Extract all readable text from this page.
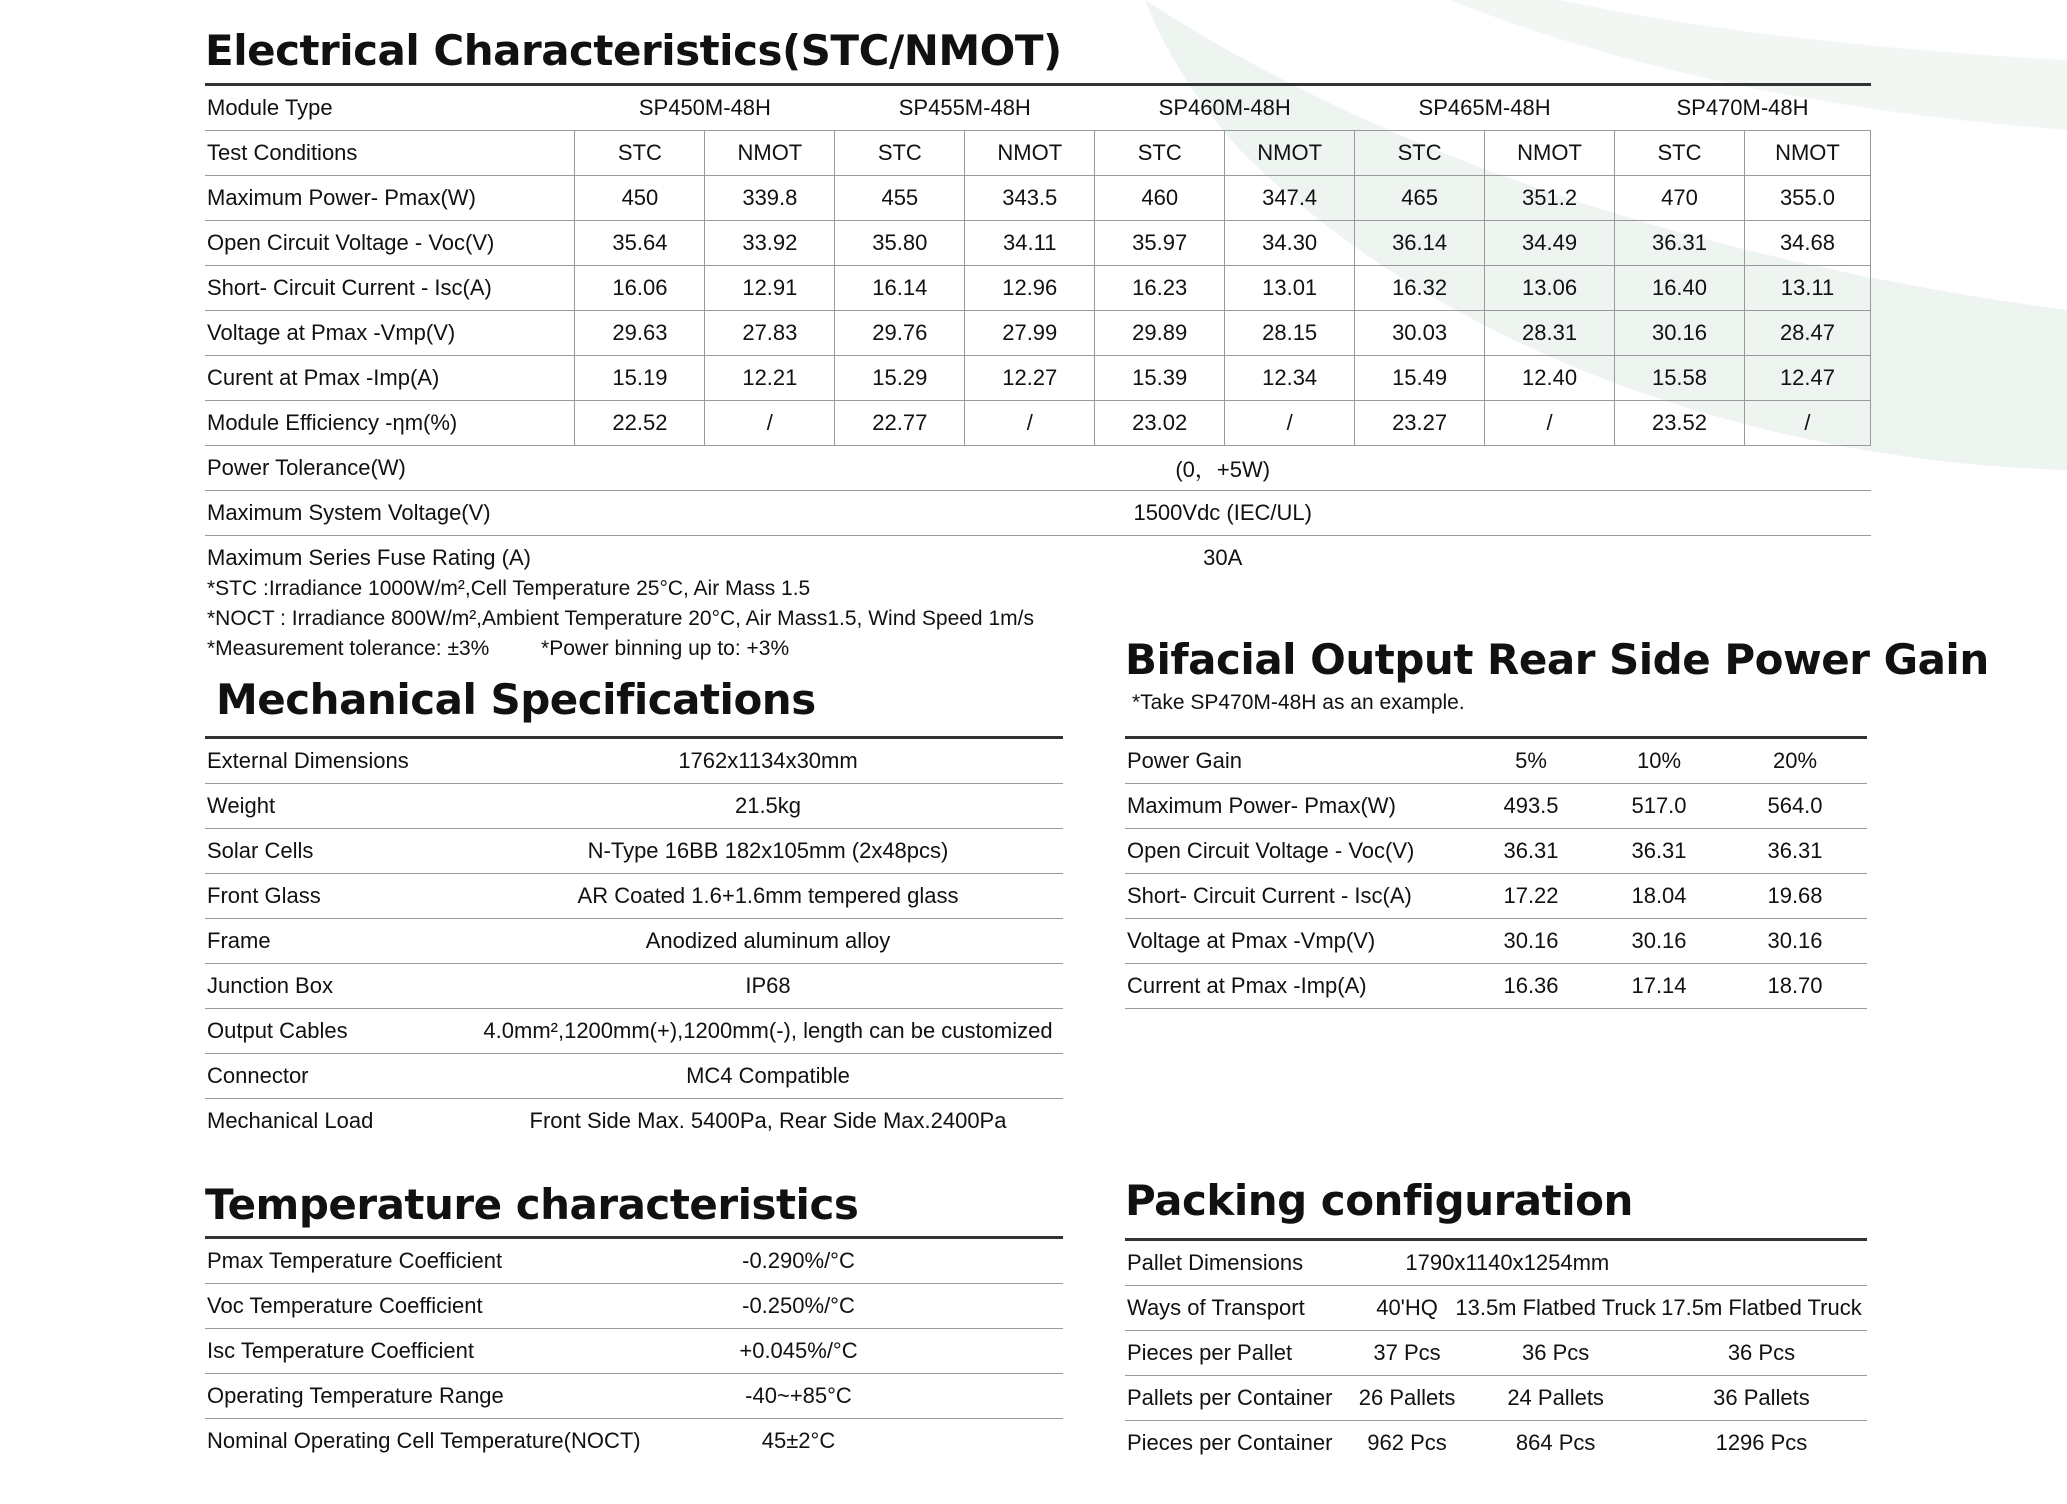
Electrical Characteristics(STC/NMOT)
Module Type	SP450M-48H		SP455M-48H		SP460M-48H		SP465M-48H		SP470M-48H	
Test Conditions	STC	NMOT	STC	NMOT	STC	NMOT	STC	NMOT	STC	NMOT
Maximum Power- Pmax(W)	450	339.8	455	343.5	460	347.4	465	351.2	470	355.0
Open Circuit Voltage - Voc(V)	35.64	33.92	35.80	34.11	35.97	34.30	36.14	34.49	36.31	34.68
Short- Circuit Current - Isc(A)	16.06	12.91	16.14	12.96	16.23	13.01	16.32	13.06	16.40	13.11
Voltage at Pmax -Vmp(V)	29.63	27.83	29.76	27.99	29.89	28.15	30.03	28.31	30.16	28.47
Curent at Pmax -Imp(A)	15.19	12.21	15.29	12.27	15.39	12.34	15.49	12.40	15.58	12.47
Module Efficiency -ηm(%)	22.52	/	22.77	/	23.02	/	23.27	/	23.52	/
Power Tolerance(W)	(0，+5W)									
Maximum System Voltage(V)	1500Vdc (IEC/UL)									
Maximum Series Fuse Rating (A)	30A									
*STC :Irradiance 1000W/m²,Cell Temperature 25°C, Air Mass 1.5
*NOCT : Irradiance 800W/m²,Ambient Temperature 20°C, Air Mass1.5, Wind Speed 1m/s
*Measurement tolerance: ±3% *Power binning up to: +3%
Mechanical Specifications
External Dimensions	1762x1134x30mm
Weight	21.5kg
Solar Cells	N-Type 16BB 182x105mm (2x48pcs)
Front Glass	AR Coated 1.6+1.6mm tempered glass
Frame	Anodized aluminum alloy
Junction Box	IP68
Output Cables	4.0mm²,1200mm(+),1200mm(-), length can be customized
Connector	MC4 Compatible
Mechanical Load	Front Side Max. 5400Pa, Rear Side Max.2400Pa
Bifacial Output Rear Side Power Gain
*Take SP470M-48H as an example.
Power Gain	5%	10%	20%
Maximum Power- Pmax(W)	493.5	517.0	564.0
Open Circuit Voltage - Voc(V)	36.31	36.31	36.31
Short- Circuit Current - Isc(A)	17.22	18.04	19.68
Voltage at Pmax -Vmp(V)	30.16	30.16	30.16
Current at Pmax -Imp(A)	16.36	17.14	18.70
Temperature characteristics
Pmax Temperature Coefficient	-0.290%/°C	
Voc Temperature Coefficient	-0.250%/°C	
Isc Temperature Coefficient	+0.045%/°C	
Operating Temperature Range	-40~+85°C	
Nominal Operating Cell Temperature(NOCT)	45±2°C	
Packing configuration
Pallet Dimensions	1790x1140x1254mm		
Ways of Transport	40'HQ	13.5m Flatbed Truck	17.5m Flatbed Truck
Pieces per Pallet	37 Pcs	36 Pcs	36 Pcs
Pallets per Container	26 Pallets	24 Pallets	36 Pallets
Pieces per Container	962 Pcs	864 Pcs	1296 Pcs
